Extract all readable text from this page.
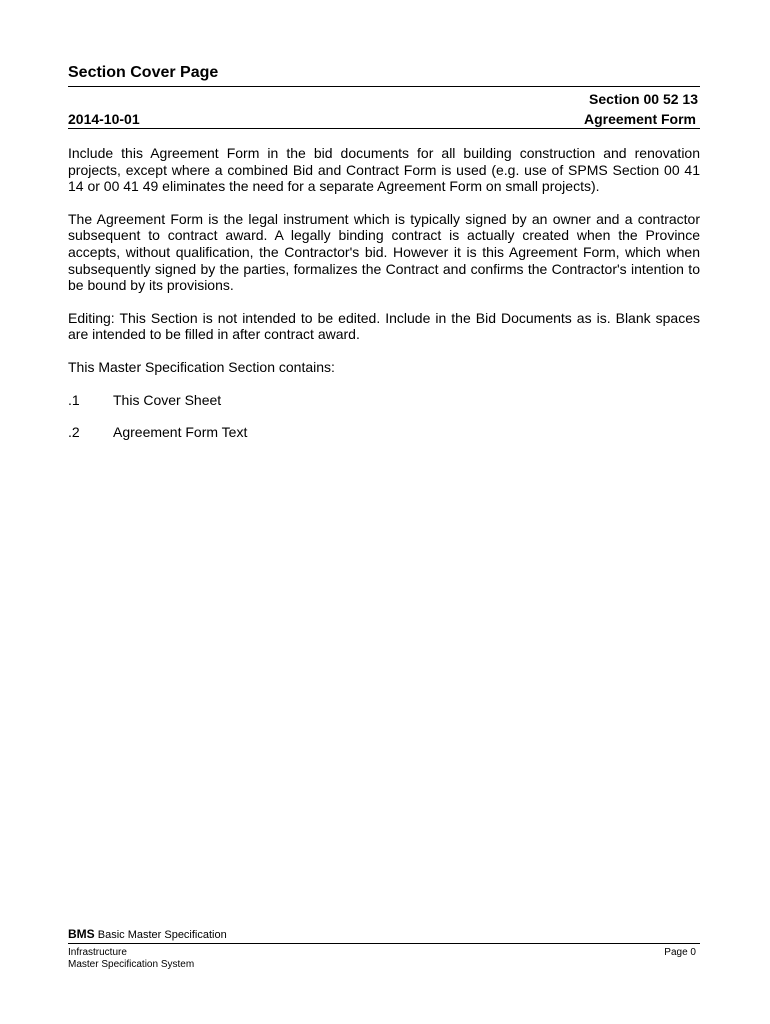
Section Cover Page
Section 00 52 13
2014-10-01	Agreement Form

Include this Agreement Form in the bid documents for all building construction and renovation projects, except where a combined Bid and Contract Form is used (e.g. use of SPMS Section 00 41 14 or 00 41 49 eliminates the need for a separate Agreement Form on small projects).

The Agreement Form is the legal instrument which is typically signed by an owner and a contractor subsequent to contract award. A legally binding contract is actually created when the Province accepts, without qualification, the Contractor's bid. However it is this Agreement Form, which when subsequently signed by the parties, formalizes the Contract and confirms the Contractor's intention to be bound by its provisions.

Editing: This Section is not intended to be edited. Include in the Bid Documents as is. Blank spaces are intended to be filled in after contract award.

This Master Specification Section contains:

.1	This Cover Sheet
.2	Agreement Form Text
BMS Basic Master Specification
Infrastructure
Master Specification System
Page 0
